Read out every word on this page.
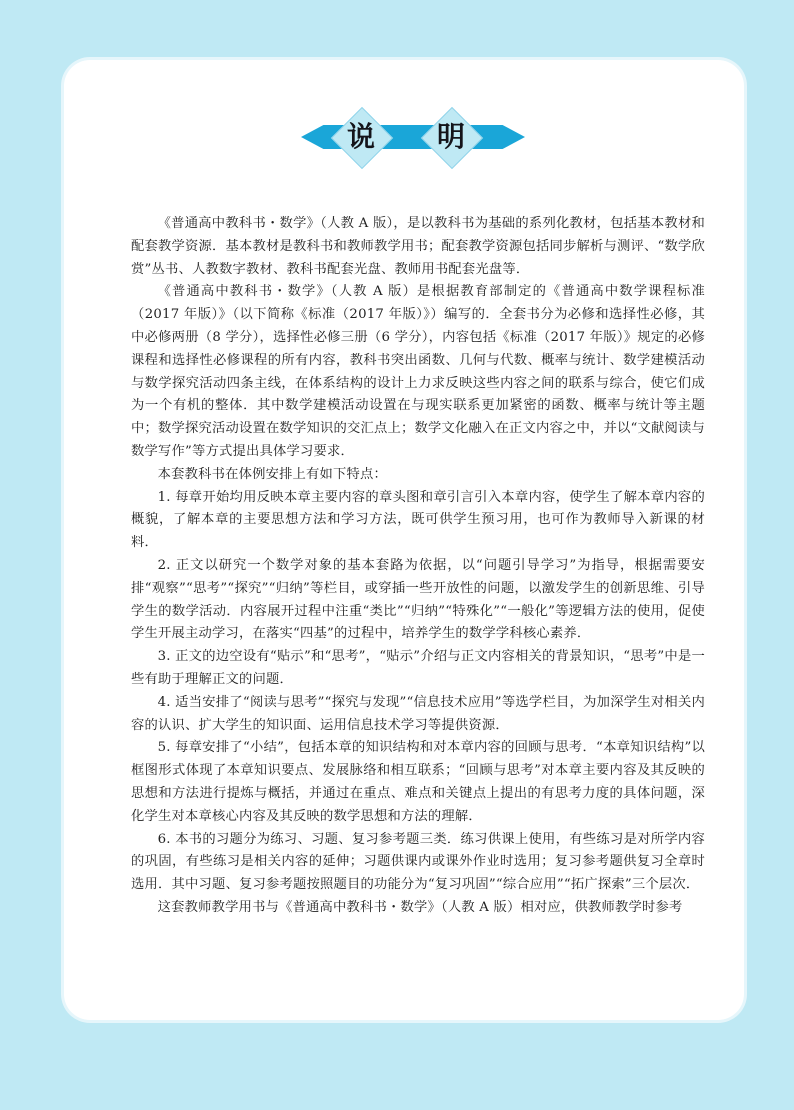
说	明

《普通高中教科书・数学》（人教 A 版），是以教科书为基础的系列化教材，包括基本教材和配套教学资源．基本教材是教科书和教师教学用书；配套教学资源包括同步解析与测评、“数学欣赏”丛书、人教数字教材、教科书配套光盘、教师用书配套光盘等．

《普通高中教科书・数学》（人教 A 版）是根据教育部制定的《普通高中数学课程标准（2017 年版）》（以下简称《标准（2017 年版）》）编写的．全套书分为必修和选择性必修，其中必修两册（8 学分），选择性必修三册（6 学分），内容包括《标准（2017 年版）》规定的必修课程和选择性必修课程的所有内容，教科书突出函数、几何与代数、概率与统计、数学建模活动与数学探究活动四条主线，在体系结构的设计上力求反映这些内容之间的联系与综合，使它们成为一个有机的整体．其中数学建模活动设置在与现实联系更加紧密的函数、概率与统计等主题中；数学探究活动设置在数学知识的交汇点上；数学文化融入在正文内容之中，并以“文献阅读与数学写作”等方式提出具体学习要求．

本套教科书在体例安排上有如下特点：

1. 每章开始均用反映本章主要内容的章头图和章引言引入本章内容，使学生了解本章内容的概貌，了解本章的主要思想方法和学习方法，既可供学生预习用，也可作为教师导入新课的材料．

2. 正文以研究一个数学对象的基本套路为依据，以“问题引导学习”为指导，根据需要安排“观察”“思考”“探究”“归纳”等栏目，或穿插一些开放性的问题，以激发学生的创新思维、引导学生的数学活动．内容展开过程中注重“类比”“归纳”“特殊化”“一般化”等逻辑方法的使用，促使学生开展主动学习，在落实“四基”的过程中，培养学生的数学学科核心素养．

3. 正文的边空设有“贴示”和“思考”，“贴示”介绍与正文内容相关的背景知识，“思考”中是一些有助于理解正文的问题．

4. 适当安排了“阅读与思考”“探究与发现”“信息技术应用”等选学栏目，为加深学生对相关内容的认识、扩大学生的知识面、运用信息技术学习等提供资源．

5. 每章安排了“小结”，包括本章的知识结构和对本章内容的回顾与思考．“本章知识结构”以框图形式体现了本章知识要点、发展脉络和相互联系；“回顾与思考”对本章主要内容及其反映的思想和方法进行提炼与概括，并通过在重点、难点和关键点上提出的有思考力度的具体问题，深化学生对本章核心内容及其反映的数学思想和方法的理解．

6. 本书的习题分为练习、习题、复习参考题三类．练习供课上使用，有些练习是对所学内容的巩固，有些练习是相关内容的延伸；习题供课内或课外作业时选用；复习参考题供复习全章时选用．其中习题、复习参考题按照题目的功能分为“复习巩固”“综合应用”“拓广探索”三个层次．

这套教师教学用书与《普通高中教科书・数学》（人教 A 版）相对应，供教师教学时参考
